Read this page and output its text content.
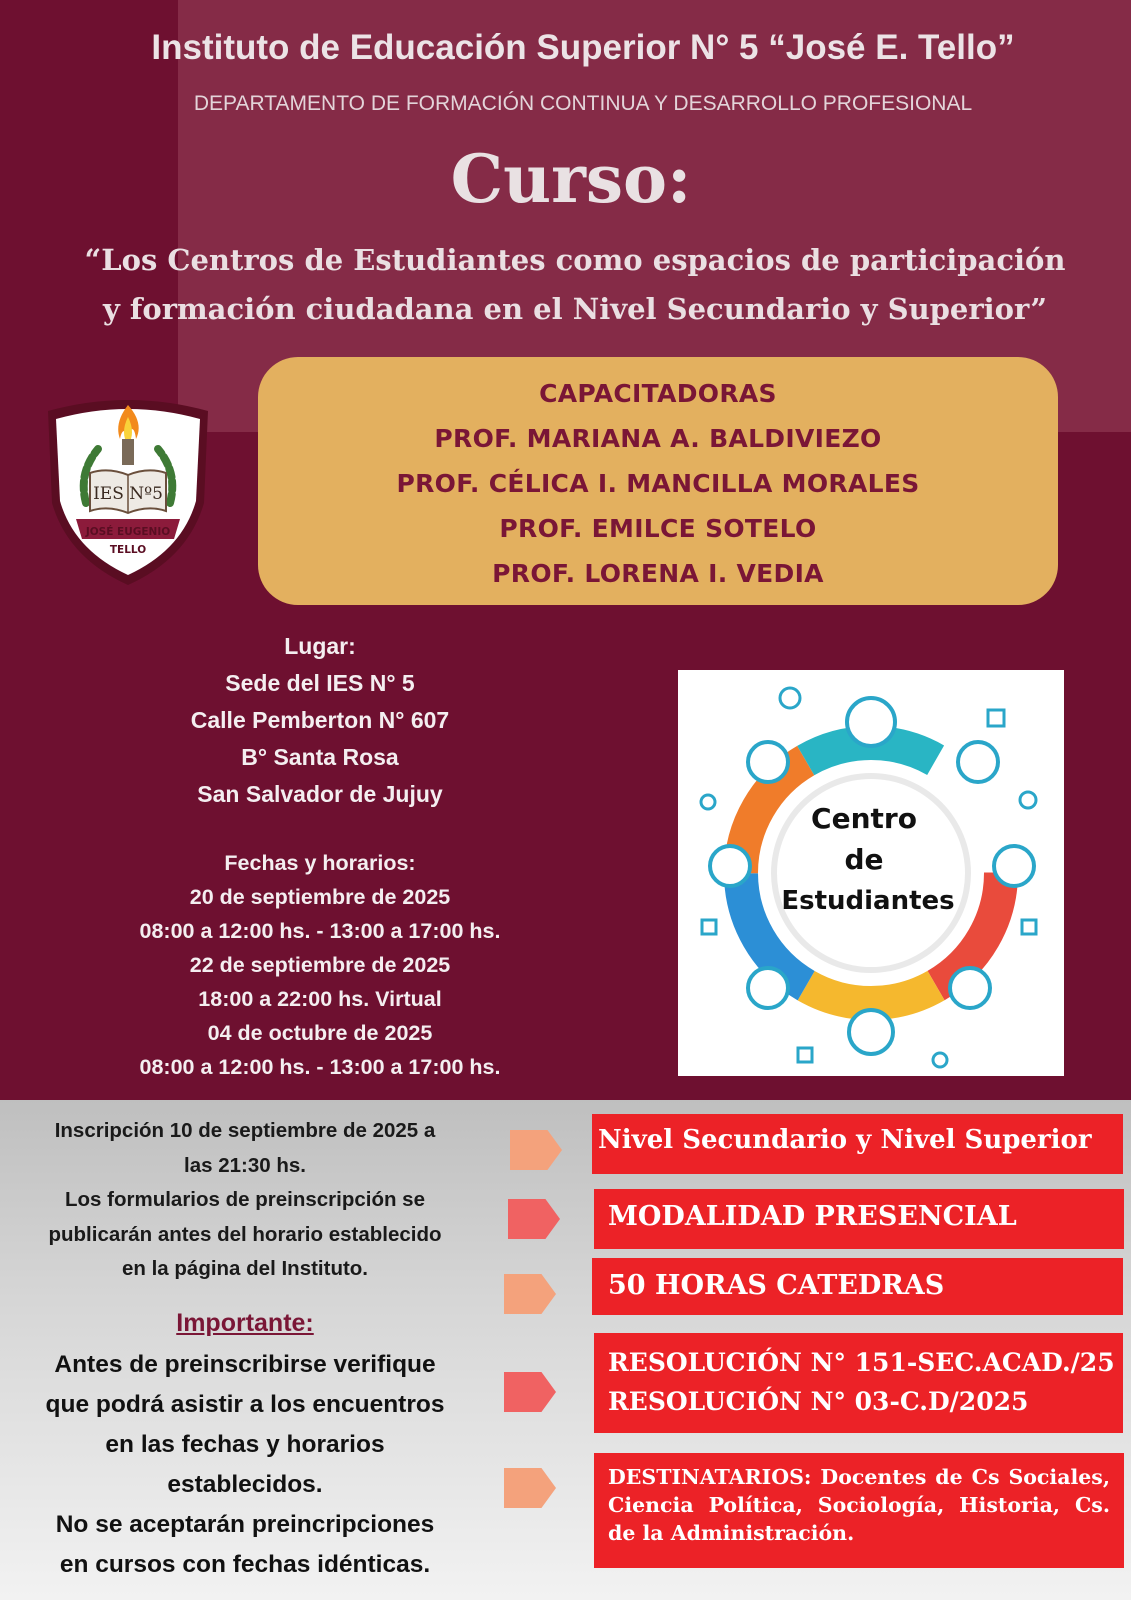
Instituto de Educación Superior N° 5 “José E. Tello”

DEPARTAMENTO DE FORMACIÓN CONTINUA Y DESARROLLO PROFESIONAL

Curso:
“Los Centros de Estudiantes como espacios de participación
y formación ciudadana en el Nivel Secundario y Superior”
IES Nº5
JOSÉ EUGENIO
TELLO

CAPACITADORAS

PROF. MARIANA A. BALDIVIEZO

PROF. CÉLICA I. MANCILLA MORALES

PROF. EMILCE SOTELO

PROF. LORENA I. VEDIA

Lugar:

Sede del IES N° 5

Calle Pemberton N° 607

B° Santa Rosa

San Salvador de Jujuy

Fechas y horarios:

20 de septiembre de 2025

08:00 a 12:00 hs. - 13:00 a 17:00 hs.

22 de septiembre de 2025

18:00 a 22:00 hs. Virtual

04 de octubre de 2025

08:00 a 12:00 hs. - 13:00 a 17:00 hs.

Centro
de
Estudiantes

Inscripción 10 de septiembre de 2025 a

las 21:30 hs.

Los formularios de preinscripción se

publicarán antes del horario establecido

en la página del Instituto.

Importante:

Antes de preinscribirse verifique

que podrá asistir a los encuentros

en las fechas y horarios

establecidos.

No se aceptarán preincripciones

en cursos con fechas idénticas.

Nivel Secundario y Nivel Superior

MODALIDAD PRESENCIAL

50 HORAS CATEDRAS

RESOLUCIÓN N° 151-SEC.ACAD./25

RESOLUCIÓN N° 03-C.D/2025

DESTINATARIOS: Docentes de Cs Sociales, Ciencia Política, Sociología, Historia, Cs. de la Administración.
